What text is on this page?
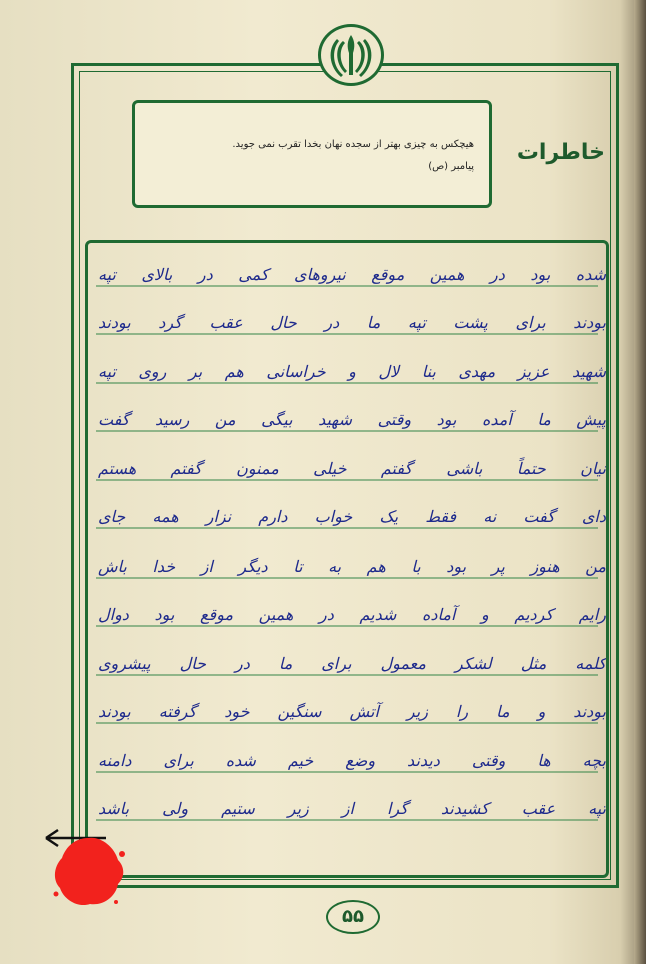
هیچکس به چیزی بهتر از سجده نهان بخدا تقرب نمی جوید.
پیامبر (ص)
خاطرات
شده بود در همین موقع نیروهای کمی در بالای تپه
بودند برای پشت تپه ما در حال عقب گرد بودند
شهید عزیز مهدی بنا لال و خراسانی هم بر روی تپه
پیش ما آمده بود وقتی شهید بیگی من رسید گفت
نیان حتماً باشی گفتم خیلی ممنون گفتم هستم
دای گفت نه فقط یک خواب دارم نزار همه جای
من هنوز پر بود با هم به تا دیگر از خدا باش
رایم کردیم و آماده شدیم در همین موقع بود دوال
کلمه مثل لشکر معمول برای ما در حال پیشروی
بودند و ما را زیر آتش سنگین خود گرفته بودند
بچه ها وقتی دیدند وضع خیم شده برای دامنه
تپه عقب کشیدند گرا از زیر ستیم ولی باشد
۵۵
